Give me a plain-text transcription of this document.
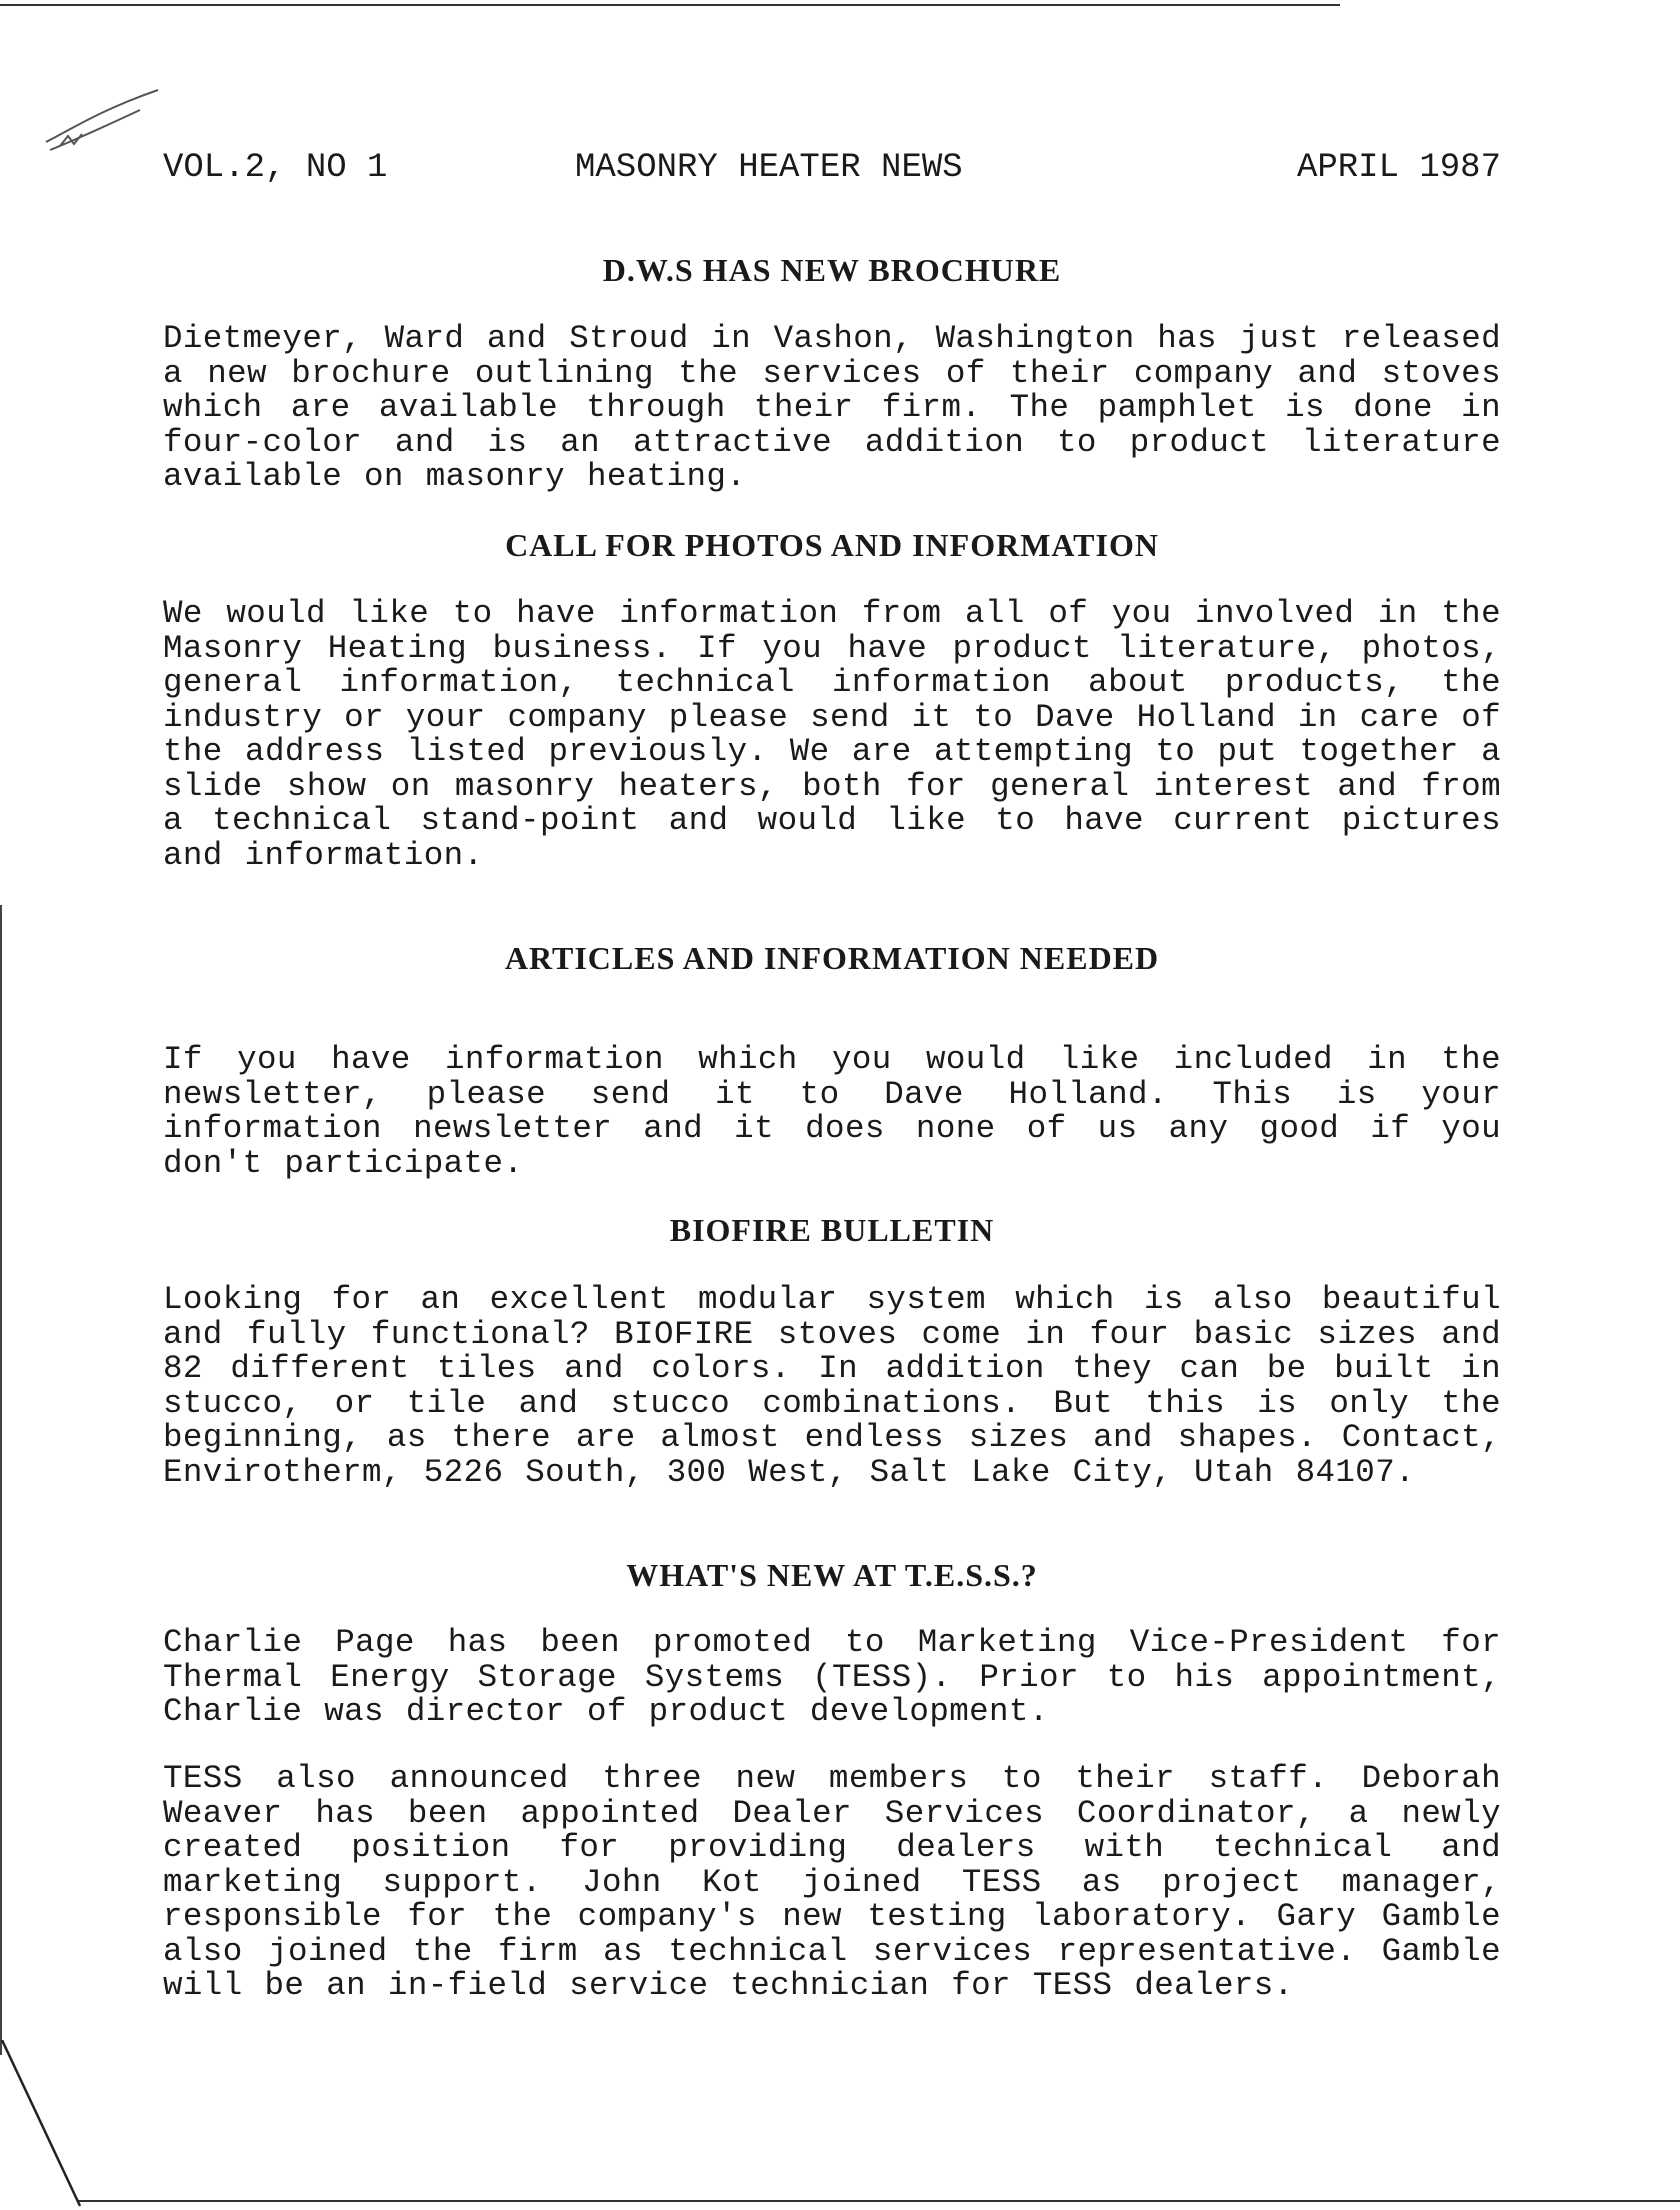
VOL.2, NO 1	MASONRY HEATER NEWS	APRIL 1987
D.W.S HAS NEW BROCHURE
Dietmeyer, Ward and Stroud in Vashon, Washington has just released a new brochure outlining the services of their company and stoves which are available through their firm. The pamphlet is done in four-color and is an attractive addition to product literature available on masonry heating.
CALL FOR PHOTOS AND INFORMATION
We would like to have information from all of you involved in the Masonry Heating business. If you have product literature, photos, general information, technical information about products, the industry or your company please send it to Dave Holland in care of the address listed previously. We are attempting to put together a slide show on masonry heaters, both for general interest and from a technical stand-point and would like to have current pictures and information.
ARTICLES AND INFORMATION NEEDED
If you have information which you would like included in the newsletter, please send it to Dave Holland. This is your information newsletter and it does none of us any good if you don't participate.
BIOFIRE BULLETIN
Looking for an excellent modular system which is also beautiful and fully functional? BIOFIRE stoves come in four basic sizes and 82 different tiles and colors. In addition they can be built in stucco, or tile and stucco combinations. But this is only the beginning, as there are almost endless sizes and shapes. Contact, Envirotherm, 5226 South, 300 West, Salt Lake City, Utah 84107.
WHAT'S NEW AT T.E.S.S.?
Charlie Page has been promoted to Marketing Vice-President for Thermal Energy Storage Systems (TESS). Prior to his appointment, Charlie was director of product development.
TESS also announced three new members to their staff. Deborah Weaver has been appointed Dealer Services Coordinator, a newly created position for providing dealers with technical and marketing support. John Kot joined TESS as project manager, responsible for the company's new testing laboratory. Gary Gamble also joined the firm as technical services representative. Gamble will be an in-field service technician for TESS dealers.
